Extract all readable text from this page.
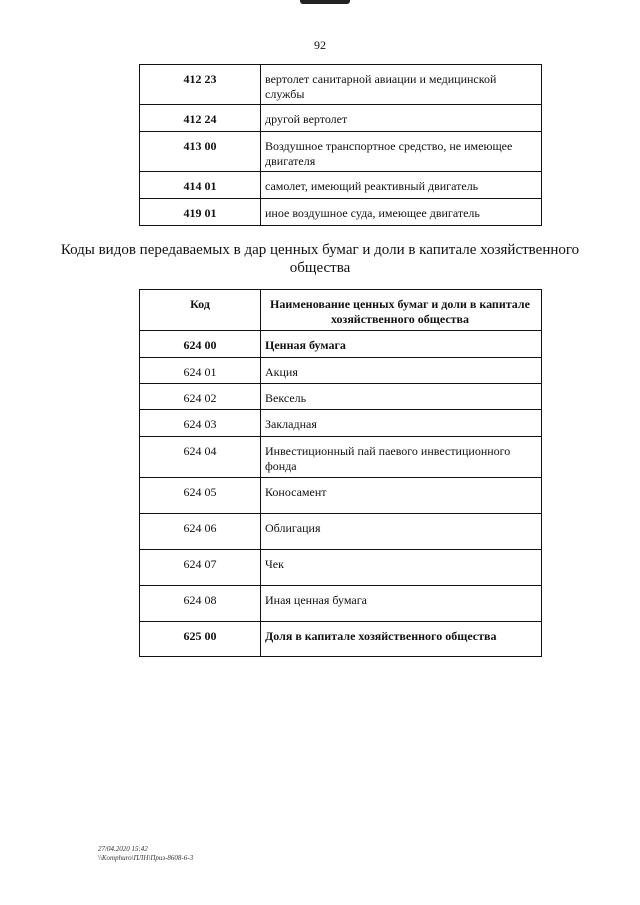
92
412 23	вертолет санитарной авиации и медицинской службы
412 24	другой вертолет
413 00	Воздушное транспортное средство, не имеющее двигателя
414 01	самолет, имеющий реактивный двигатель
419 01	иное воздушное суда, имеющее двигатель
Коды видов передаваемых в дар ценных бумаг и доли в капитале хозяйственного общества
Код	Наименование ценных бумаг и доли в капитале хозяйственного общества
624 00	Ценная бумага
624 01	Акция
624 02	Вексель
624 03	Закладная
624 04	Инвестиционный пай паевого инвестиционного фонда
624 05	Коносамент
624 06	Облигация
624 07	Чек
624 08	Иная ценная бумага
625 00	Доля в капитале хозяйственного общества
27/04.2020 15:42
\\Komphuro\ПЛН\Приз-8608-6-3
